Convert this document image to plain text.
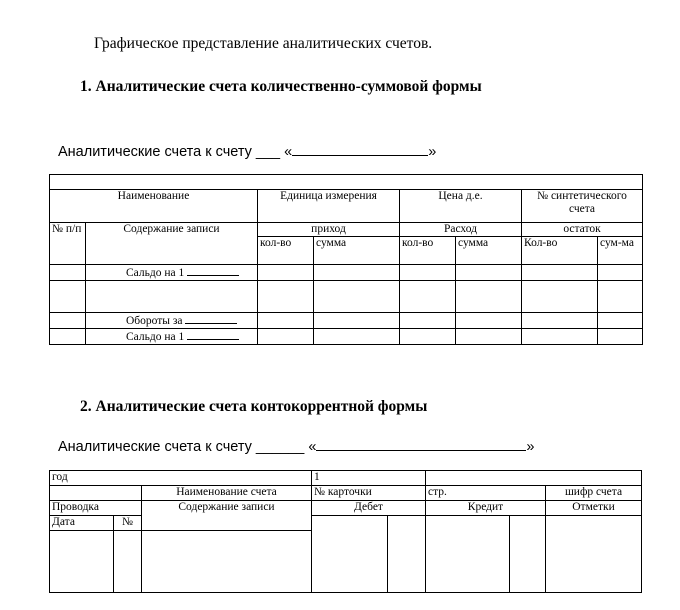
Графическое представление аналитических счетов.
1. Аналитические счета количественно-суммовой формы
Аналитические счета к счету ___ «	»

Наименование		Единица измерения		Цена д.е.		№ синтетического счета	
№ п/п	Содержание записи	приход		Расход		остаток	
		кол-во	сумма	кол-во	сумма	Кол-во	сум-ма
	Сальдо на 1						

	Обороты за						
	Сальдо на 1						
2. Аналитические счета контокоррентной формы
Аналитические счета к счету ______ «	»
год			1				
		Наименование счета	№ карточки		стр.		шифр счета
Проводка		Содержание записи	Дебет		Кредит		Отметки
Дата	№						
